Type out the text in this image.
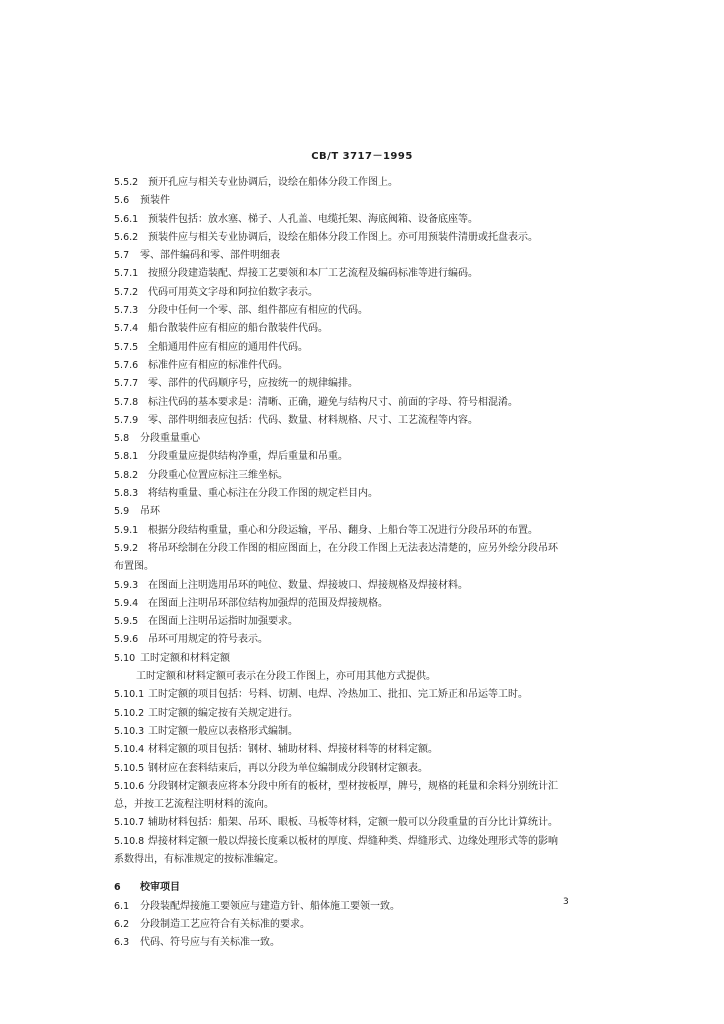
CB/T 3717－1995
5.5.2 预开孔应与相关专业协调后，设绘在船体分段工作图上。
5.6 预装件
5.6.1 预装件包括：放水塞、梯子、人孔盖、电缆托架、海底阀箱、设备底座等。
5.6.2 预装件应与相关专业协调后，设绘在船体分段工作图上。亦可用预装件清册或托盘表示。
5.7 零、部件编码和零、部件明细表
5.7.1 按照分段建造装配、焊接工艺要领和本厂工艺流程及编码标准等进行编码。
5.7.2 代码可用英文字母和阿拉伯数字表示。
5.7.3 分段中任何一个零、部、组件都应有相应的代码。
5.7.4 船台散装件应有相应的船台散装件代码。
5.7.5 全船通用件应有相应的通用件代码。
5.7.6 标准件应有相应的标准件代码。
5.7.7 零、部件的代码顺序号，应按统一的规律编排。
5.7.8 标注代码的基本要求是：清晰、正确，避免与结构尺寸、前面的字母、符号相混淆。
5.7.9 零、部件明细表应包括：代码、数量、材料规格、尺寸、工艺流程等内容。
5.8 分段重量重心
5.8.1 分段重量应提供结构净重，焊后重量和吊重。
5.8.2 分段重心位置应标注三维坐标。
5.8.3 将结构重量、重心标注在分段工作图的规定栏目内。
5.9 吊环
5.9.1 根据分段结构重量，重心和分段运输，平吊、翻身、上船台等工况进行分段吊环的布置。
5.9.2 将吊环绘制在分段工作图的相应图面上，在分段工作图上无法表达清楚的，应另外绘分段吊环
布置图。
5.9.3 在图面上注明选用吊环的吨位、数量、焊接坡口、焊接规格及焊接材料。
5.9.4 在图面上注明吊环部位结构加强焊的范围及焊接规格。
5.9.5 在图面上注明吊运指时加强要求。
5.9.6 吊环可用规定的符号表示。
5.10 工时定额和材料定额
工时定额和材料定额可表示在分段工作图上，亦可用其他方式提供。
5.10.1 工时定额的项目包括：号料、切割、电焊、冷热加工、批扣、完工矫正和吊运等工时。
5.10.2 工时定额的编定按有关规定进行。
5.10.3 工时定额一般应以表格形式编制。
5.10.4 材料定额的项目包括：钢材、辅助材料、焊接材料等的材料定额。
5.10.5 钢材应在套料结束后，再以分段为单位编制成分段钢材定额表。
5.10.6 分段钢材定额表应将本分段中所有的板材，型材按板厚，牌号，规格的耗量和余料分别统计汇
总，并按工艺流程注明材料的流向。
5.10.7 辅助材料包括：船架、吊环、眼板、马板等材料，定额一般可以分段重量的百分比计算统计。
5.10.8 焊接材料定额一般以焊接长度乘以板材的厚度、焊缝种类、焊缝形式、边缘处理形式等的影响
系数得出，有标准规定的按标准编定。
6 校审项目
6.1 分段装配焊接施工要领应与建造方针、船体施工要领一致。
6.2 分段制造工艺应符合有关标准的要求。
6.3 代码、符号应与有关标准一致。
3
